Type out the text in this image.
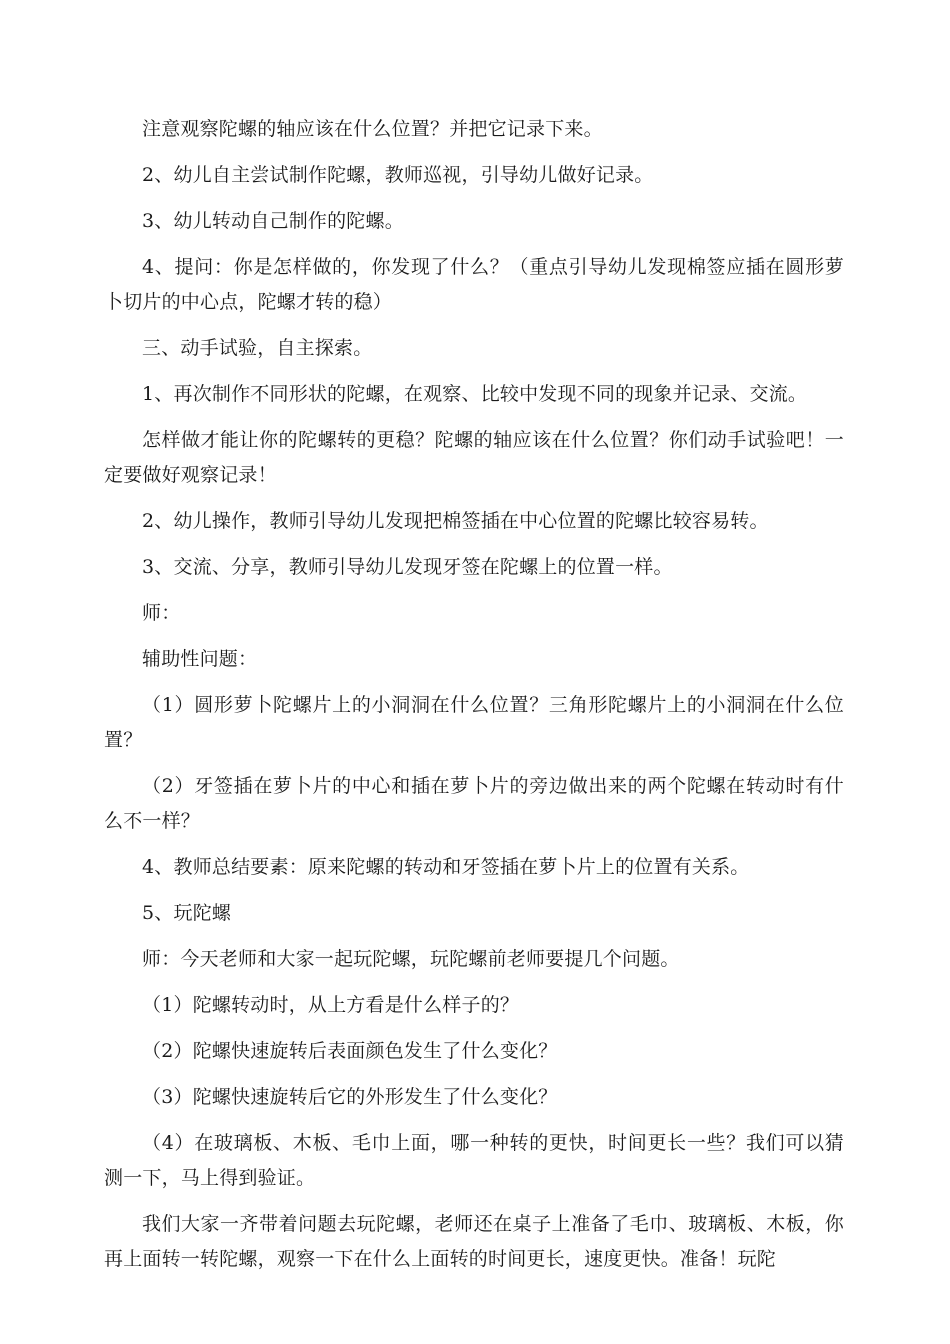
注意观察陀螺的轴应该在什么位置？并把它记录下来。

2、幼儿自主尝试制作陀螺，教师巡视，引导幼儿做好记录。

3、幼儿转动自己制作的陀螺。

4、提问：你是怎样做的，你发现了什么？（重点引导幼儿发现棉签应插在圆形萝卜切片的中心点，陀螺才转的稳）

三、动手试验，自主探索。

1、再次制作不同形状的陀螺，在观察、比较中发现不同的现象并记录、交流。

怎样做才能让你的陀螺转的更稳？陀螺的轴应该在什么位置？你们动手试验吧！一定要做好观察记录！

2、幼儿操作，教师引导幼儿发现把棉签插在中心位置的陀螺比较容易转。

3、交流、分享，教师引导幼儿发现牙签在陀螺上的位置一样。

师：

辅助性问题：

（1）圆形萝卜陀螺片上的小洞洞在什么位置？三角形陀螺片上的小洞洞在什么位置？

（2）牙签插在萝卜片的中心和插在萝卜片的旁边做出来的两个陀螺在转动时有什么不一样？

4、教师总结要素：原来陀螺的转动和牙签插在萝卜片上的位置有关系。

5、玩陀螺

师：今天老师和大家一起玩陀螺，玩陀螺前老师要提几个问题。

（1）陀螺转动时，从上方看是什么样子的？

（2）陀螺快速旋转后表面颜色发生了什么变化？

（3）陀螺快速旋转后它的外形发生了什么变化？

（4）在玻璃板、木板、毛巾上面，哪一种转的更快，时间更长一些？我们可以猜测一下，马上得到验证。

我们大家一齐带着问题去玩陀螺，老师还在桌子上准备了毛巾、玻璃板、木板，你再上面转一转陀螺，观察一下在什么上面转的时间更长，速度更快。准备！玩陀
